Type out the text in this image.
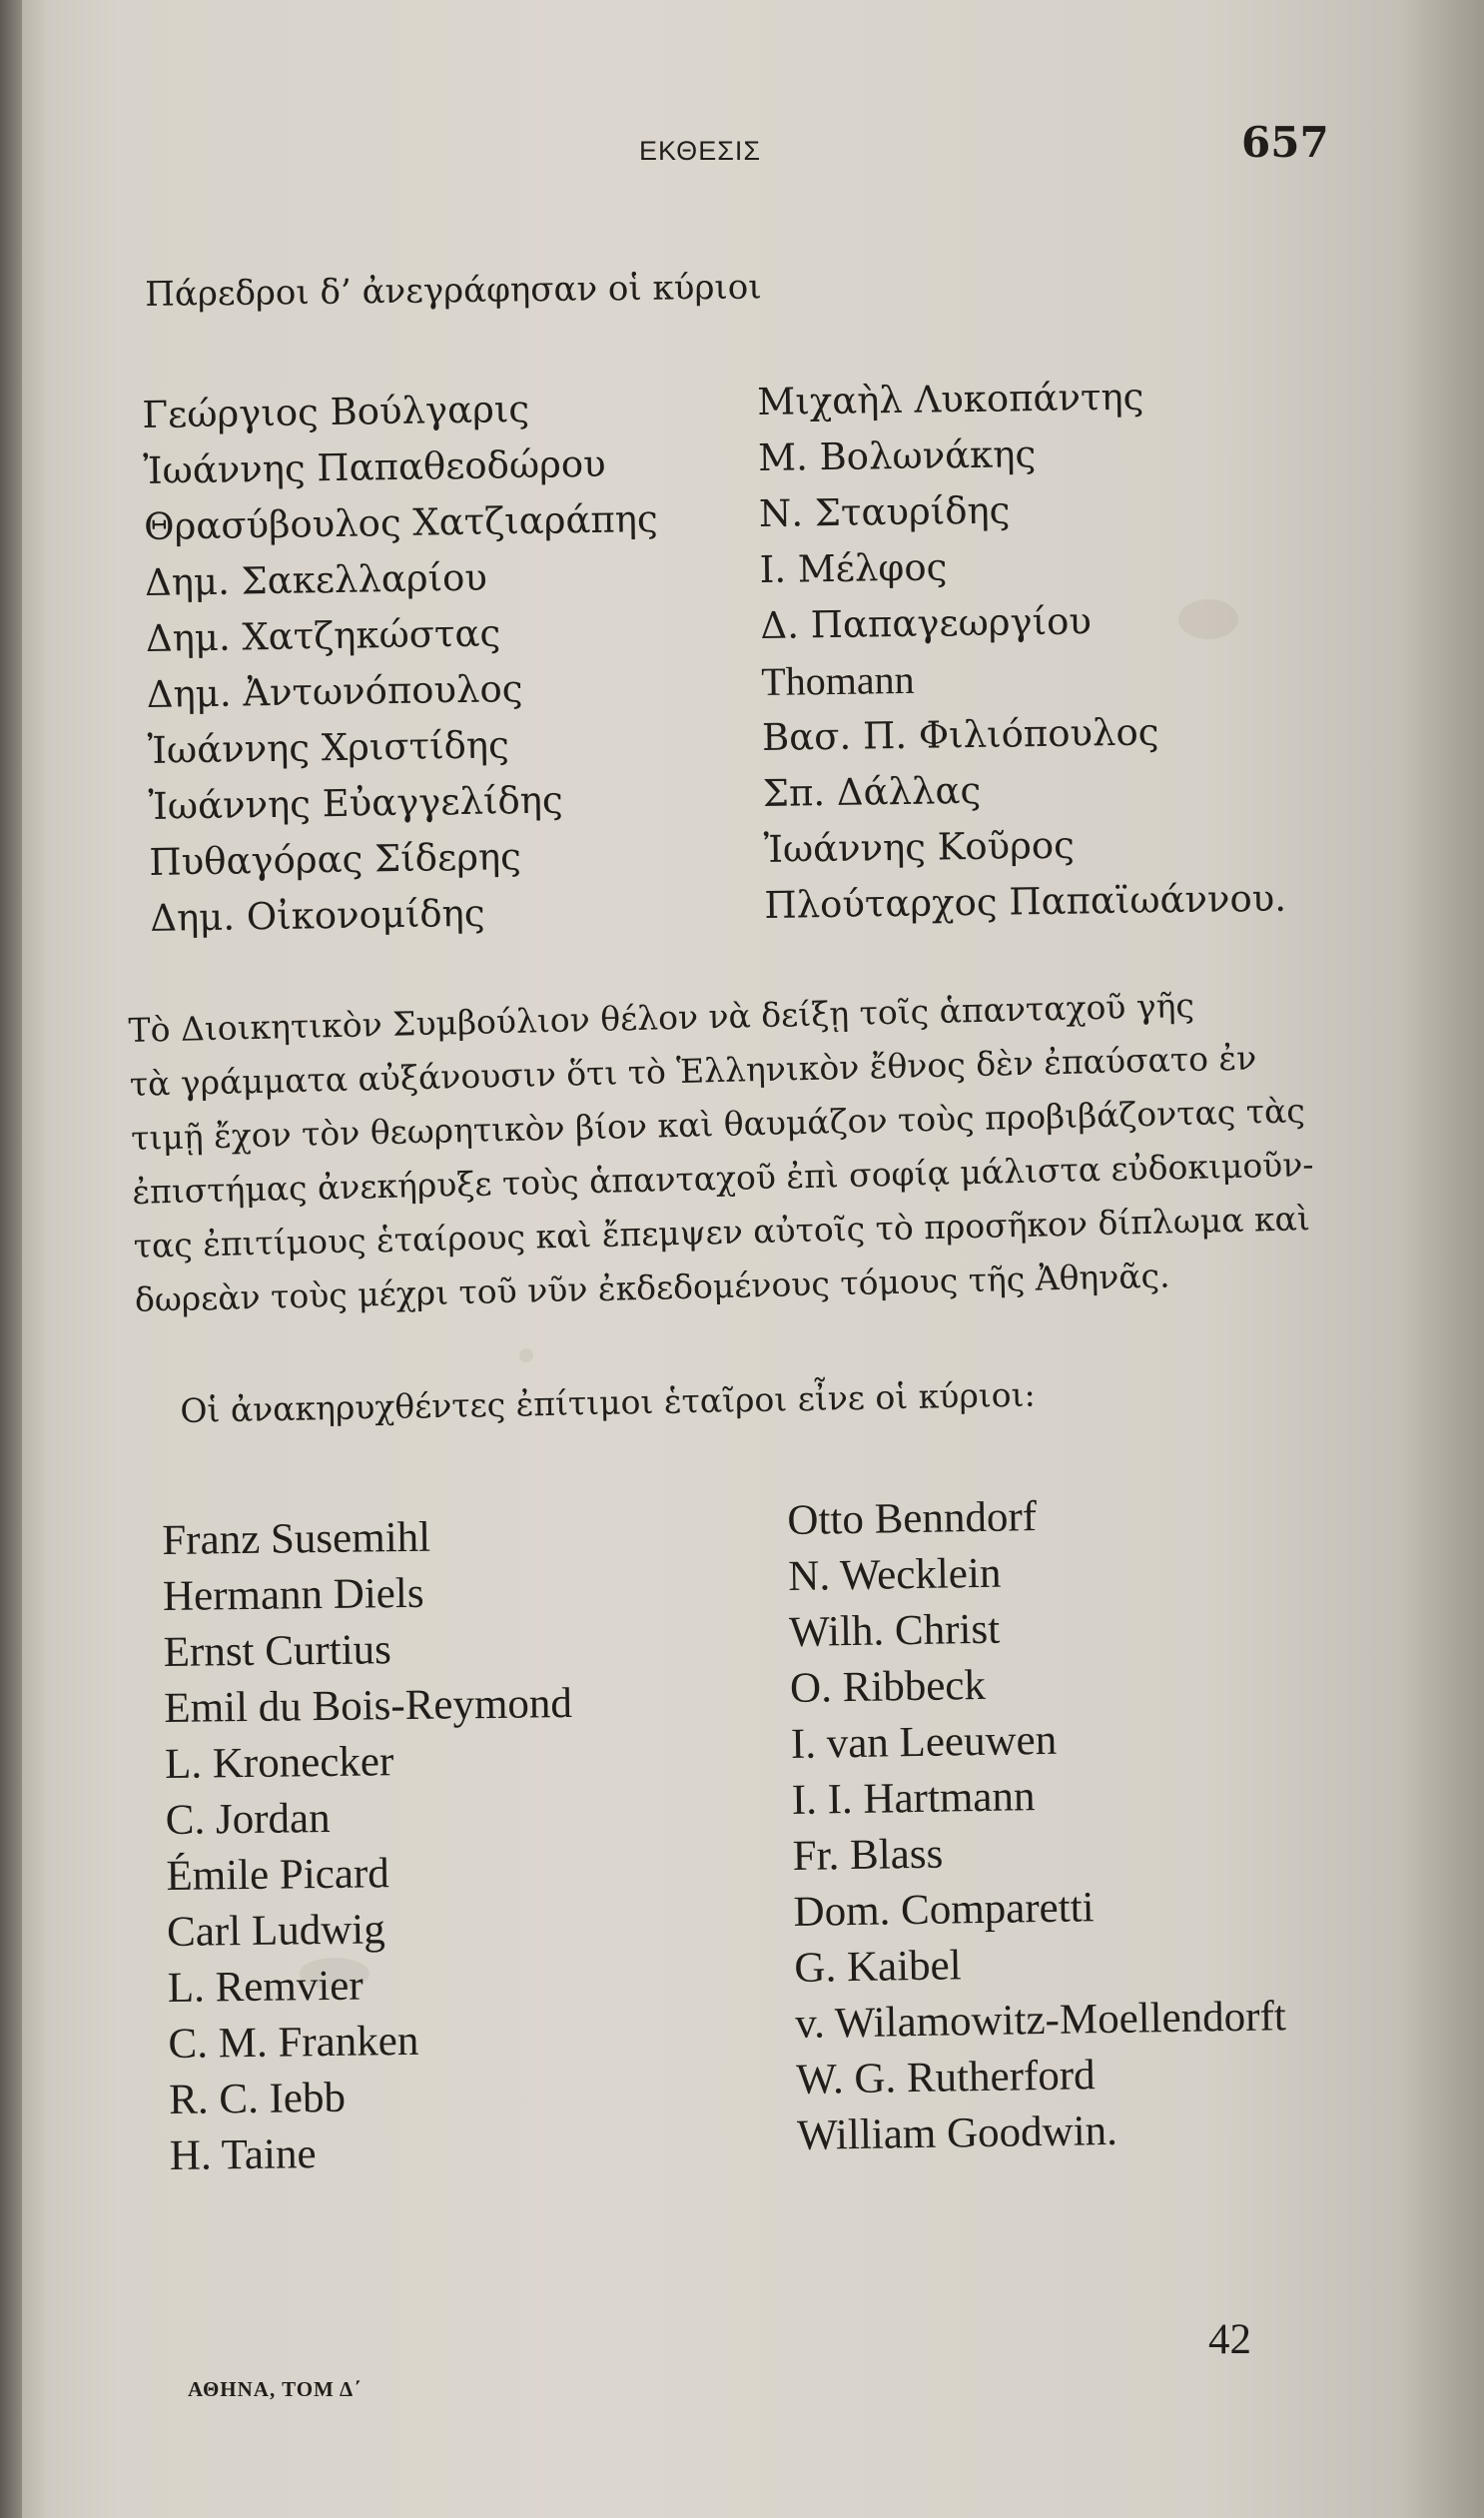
ΕΚΘΕΣΙΣ	657
Πάρεδροι δ’ ἀνεγράφησαν οἱ κύριοι
Γεώργιος Βούλγαρις
Ἰωάννης Παπαθεοδώρου
Θρασύβουλος Χατζιαράπης
Δημ. Σακελλαρίου
Δημ. Χατζηκώστας
Δημ. Ἀντωνόπουλος
Ἰωάννης Χριστίδης
Ἰωάννης Εὐαγγελίδης
Πυθαγόρας Σίδερης
Δημ. Οἰκονομίδης
Μιχαὴλ Λυκοπάντης
Μ. Βολωνάκης
Ν. Σταυρίδης
Ι. Μέλφος
Δ. Παπαγεωργίου
Thomann
Βασ. Π. Φιλιόπουλος
Σπ. Δάλλας
Ἰωάννης Κοῦρος
Πλούταρχος Παπαϊωάννου.
Τὸ Διοικητικὸν Συμβούλιον θέλον νὰ δείξῃ τοῖς ἁπανταχοῦ γῆς
τὰ γράμματα αὐξάνουσιν ὅτι τὸ Ἑλληνικὸν ἔθνος δὲν ἐπαύσατο ἐν
τιμῇ ἔχον τὸν θεωρητικὸν βίον καὶ θαυμάζον τοὺς προβιβάζοντας τὰς
ἐπιστήμας ἀνεκήρυξε τοὺς ἁπανταχοῦ ἐπὶ σοφίᾳ μάλιστα εὐδοκιμοῦν-
τας ἐπιτίμους ἑταίρους καὶ ἔπεμψεν αὐτοῖς τὸ προσῆκον δίπλωμα καὶ
δωρεὰν τοὺς μέχρι τοῦ νῦν ἐκδεδομένους τόμους τῆς Ἀθηνᾶς.
Οἱ ἀνακηρυχθέντες ἐπίτιμοι ἑταῖροι εἶνε οἱ κύριοι:
Franz Susemihl
Hermann Diels
Ernst Curtius
Emil du Bois-Reymond
L. Kronecker
C. Jordan
Émile Picard
Carl Ludwig
L. Remvier
C. M. Franken
R. C. Iebb
H. Taine
Otto Benndorf
N. Wecklein
Wilh. Christ
O. Ribbeck
I. van Leeuwen
I. I. Hartmann
Fr. Blass
Dom. Comparetti
G. Kaibel
v. Wilamowitz-Moellendorft
W. G. Rutherford
William Goodwin.
ΑΘΗΝΑ, ΤΟΜ Δ΄
42
